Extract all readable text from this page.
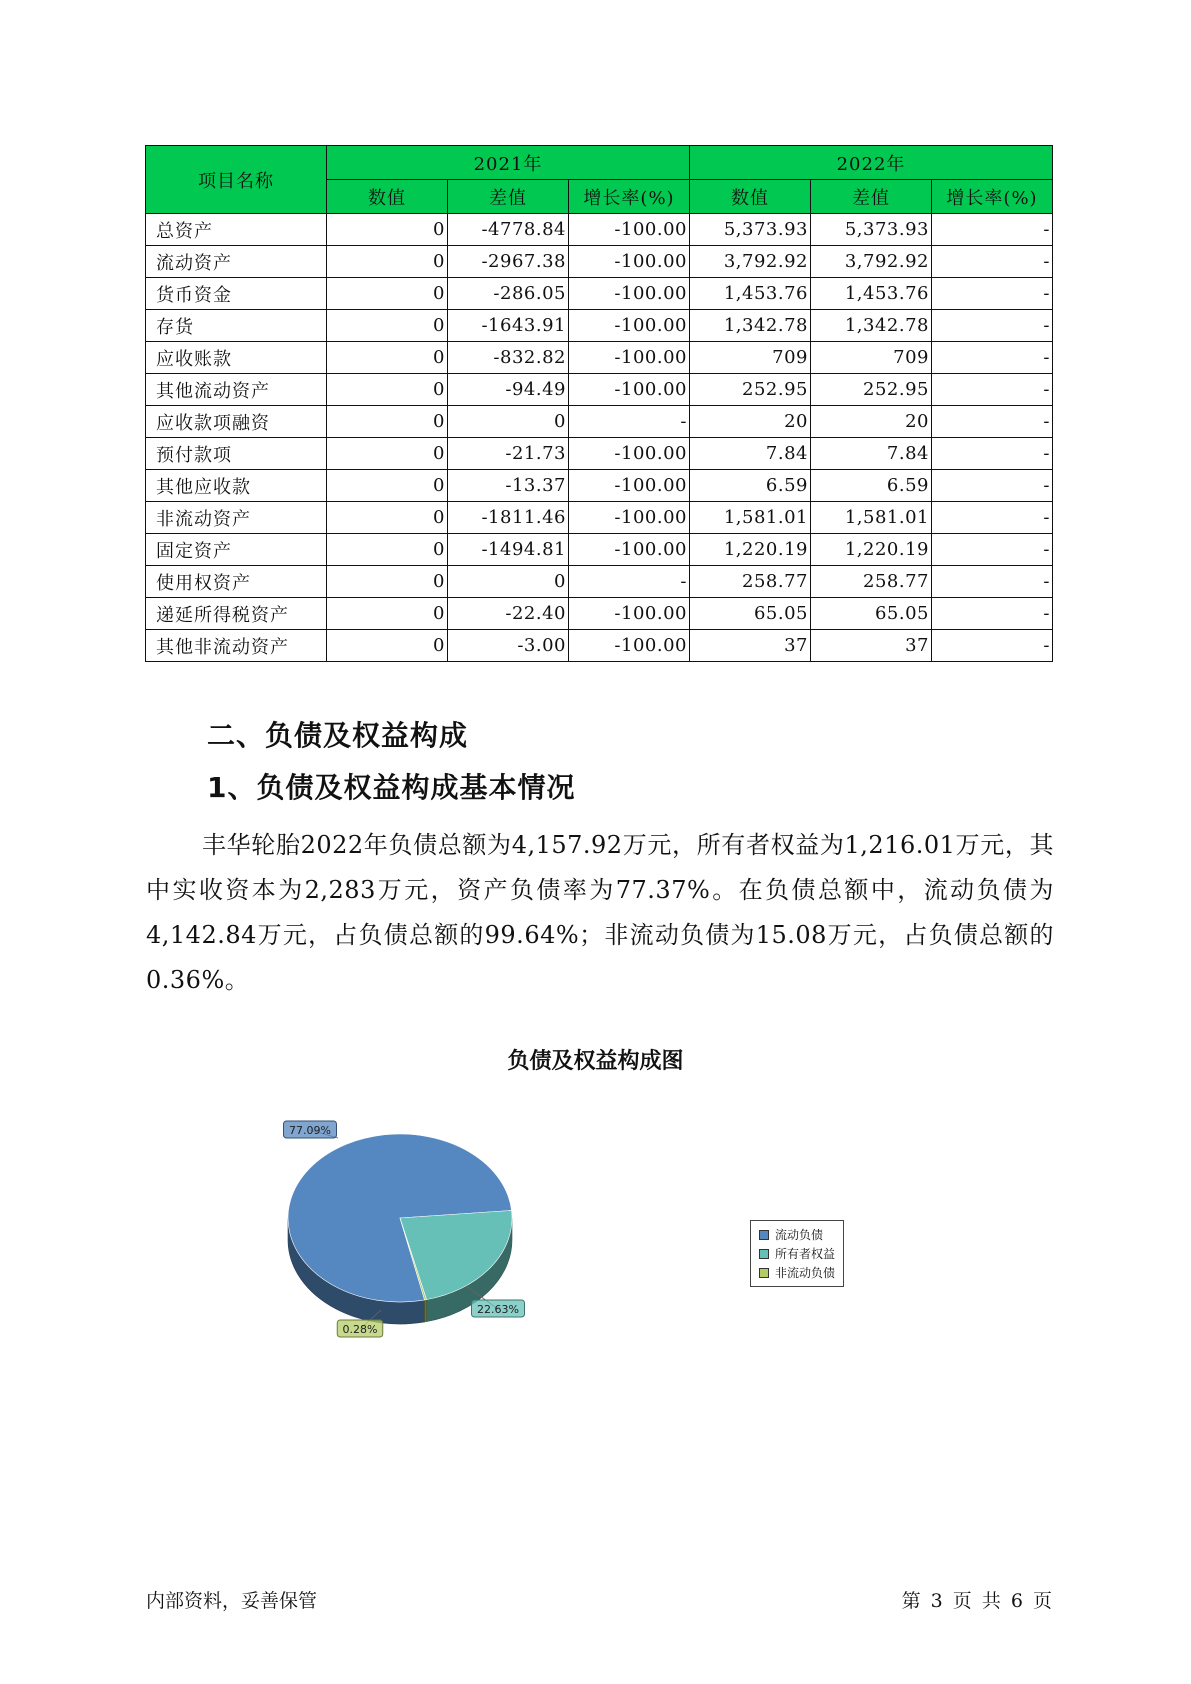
项目名称	2021年			2022年		
	数值	差值	增长率(%)	数值	差值	增长率(%)
总资产	0	-4778.84	-100.00	5,373.93	5,373.93	-
流动资产	0	-2967.38	-100.00	3,792.92	3,792.92	-
货币资金	0	-286.05	-100.00	1,453.76	1,453.76	-
存货	0	-1643.91	-100.00	1,342.78	1,342.78	-
应收账款	0	-832.82	-100.00	709	709	-
其他流动资产	0	-94.49	-100.00	252.95	252.95	-
应收款项融资	0	0	-	20	20	-
预付款项	0	-21.73	-100.00	7.84	7.84	-
其他应收款	0	-13.37	-100.00	6.59	6.59	-
非流动资产	0	-1811.46	-100.00	1,581.01	1,581.01	-
固定资产	0	-1494.81	-100.00	1,220.19	1,220.19	-
使用权资产	0	0	-	258.77	258.77	-
递延所得税资产	0	-22.40	-100.00	65.05	65.05	-
其他非流动资产	0	-3.00	-100.00	37	37	-
二、负债及权益构成
1、负债及权益构成基本情况

丰华轮胎2022年负债总额为4,157.92万元，所有者权益为1,216.01万元，其中实收资本为2,283万元，资产负债率为77.37%。在负债总额中，流动负债为4,142.84万元，占负债总额的99.64%；非流动负债为15.08万元，占负债总额的0.36%。

负债及权益构成图
77.09%
22.63%
0.28%
流动负债
所有者权益
非流动负债
内部资料，妥善保管	第 3 页 共 6 页
